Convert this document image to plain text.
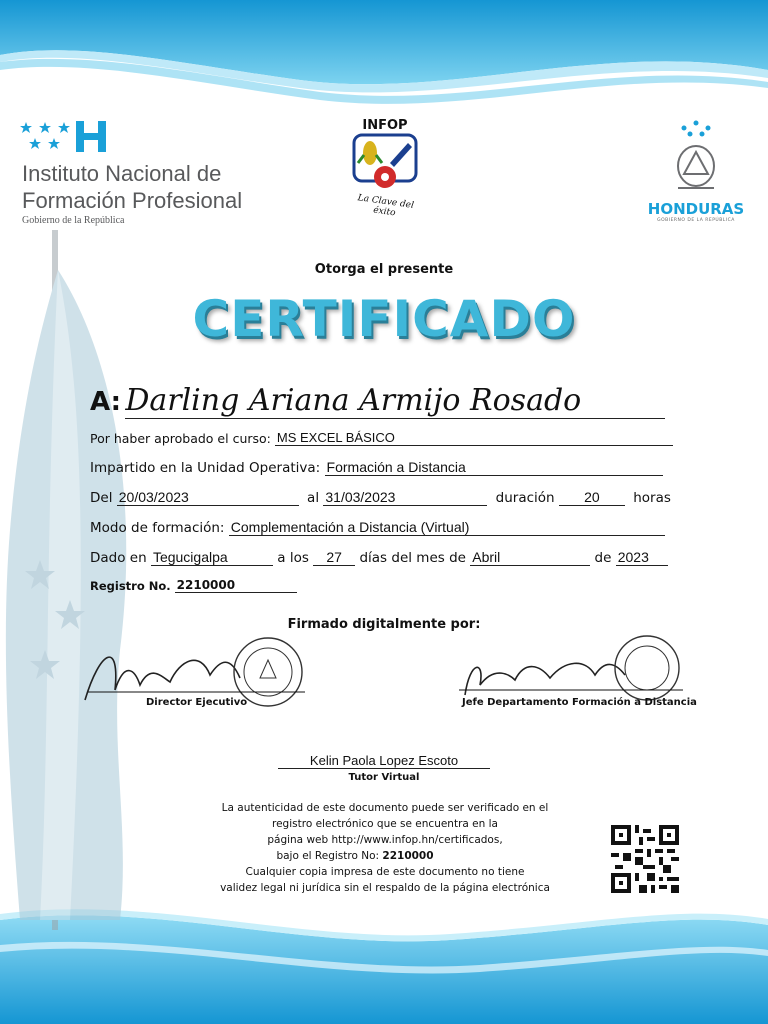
Instituto Nacional de
Formación Profesional
Gobierno de la República
INFOP
La Clave del éxito	HONDURAS
GOBIERNO DE LA REPÚBLICA
Otorga el presente
CERTIFICADO
A: Darling Ariana Armijo Rosado
Por haber aprobado el curso: MS EXCEL BÁSICO
Impartido en la Unidad Operativa: Formación a Distancia
Del 20/03/2023	al 31/03/2023	duración 20 horas
Modo de formación: Complementación a Distancia (Virtual)
Dado en Tegucigalpa	a los 27 días del mes de Abril	de 2023
Registro No. 2210000
Firmado digitalmente por:
Director Ejecutivo	Jefe Departamento Formación a Distancia
Kelin Paola Lopez Escoto
Tutor Virtual
La autenticidad de este documento puede ser verificado en el
registro electrónico que se encuentra en la
página web http://www.infop.hn/certificados,
bajo el Registro No: 2210000
Cualquier copia impresa de este documento no tiene
validez legal ni jurídica sin el respaldo de la página electrónica
